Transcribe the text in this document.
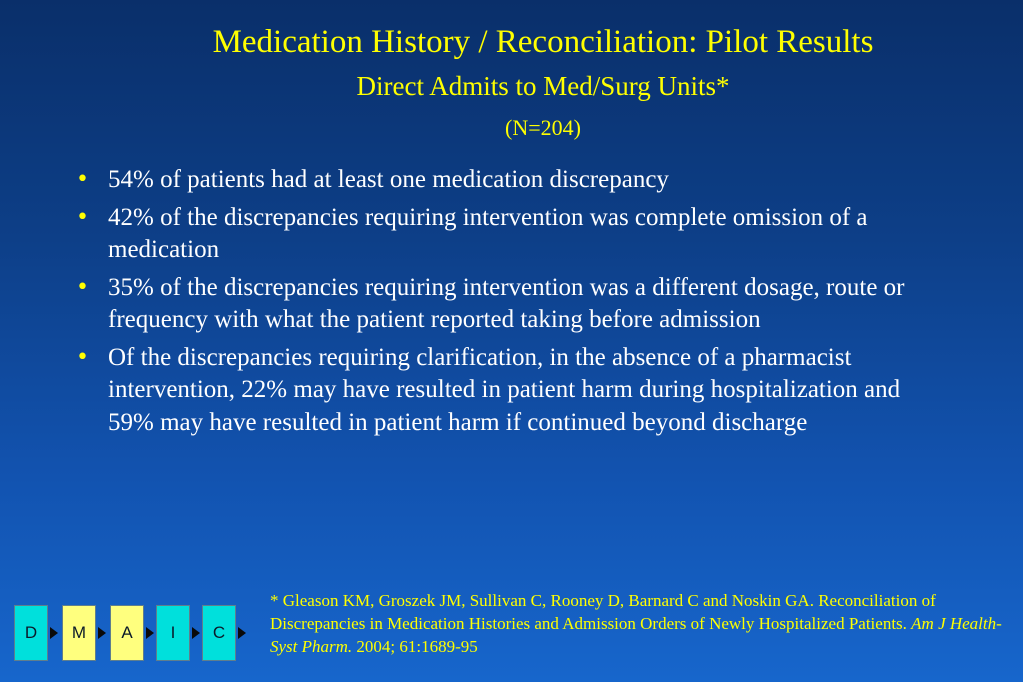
Medication History / Reconciliation: Pilot Results
Direct Admits to Med/Surg Units*
(N=204)
• 54% of patients had at least one medication discrepancy
• 42% of the discrepancies requiring intervention was complete omission of a medication
• 35% of the discrepancies requiring intervention was a different dosage, route or frequency with what the patient reported taking before admission
• Of the discrepancies requiring clarification, in the absence of a pharmacist intervention, 22% may have resulted in patient harm during hospitalization and 59% may have resulted in patient harm if continued beyond discharge
D	M	A	I	C
* Gleason KM, Groszek JM, Sullivan C, Rooney D, Barnard C and Noskin GA. Reconciliation of Discrepancies in Medication Histories and Admission Orders of Newly Hospitalized Patients. Am J Health-Syst Pharm. 2004; 61:1689-95
